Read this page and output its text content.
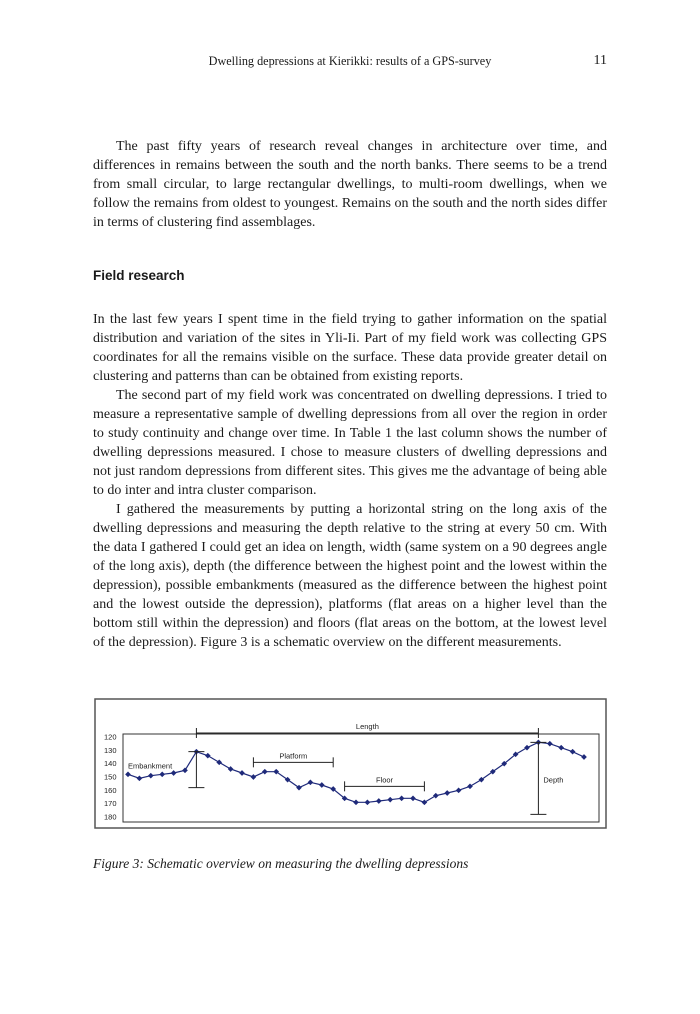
Dwelling depressions at Kierikki: results of a GPS-survey	11

The past fifty years of research reveal changes in architecture over time, and differences in remains between the south and the north banks. There seems to be a trend from small circular, to large rectangular dwellings, to multi-room dwellings, when we follow the remains from oldest to youngest. Remains on the south and the north sides differ in terms of clustering find assemblages.

Field research

In the last few years I spent time in the field trying to gather information on the spatial distribution and variation of the sites in Yli-Ii. Part of my field work was collecting GPS coordinates for all the remains visible on the surface. These data provide greater detail on clustering and patterns than can be obtained from existing reports.

The second part of my field work was concentrated on dwelling depressions. I tried to measure a representative sample of dwelling depressions from all over the region in order to study continuity and change over time. In Table 1 the last column shows the number of dwelling depressions measured. I chose to measure clusters of dwelling depressions and not just random depressions from different sites. This gives me the advantage of being able to do inter and intra cluster comparison.

I gathered the measurements by putting a horizontal string on the long axis of the dwelling depressions and measuring the depth relative to the string at every 50 cm. With the data I gathered I could get an idea on length, width (same system on a 90 degrees angle of the long axis), depth (the difference between the highest point and the lowest within the depression), possible embankments (measured as the difference between the highest point and the lowest outside the depression), platforms (flat areas on a higher level than the bottom still within the depression) and floors (flat areas on the bottom, at the lowest level of the depression). Figure 3 is a schematic overview on the different measurements.

120
130
140
150
160
170
180
Length
Platform
Floor
Embankment
Depth
Figure 3: Schematic overview on measuring the dwelling depressions
